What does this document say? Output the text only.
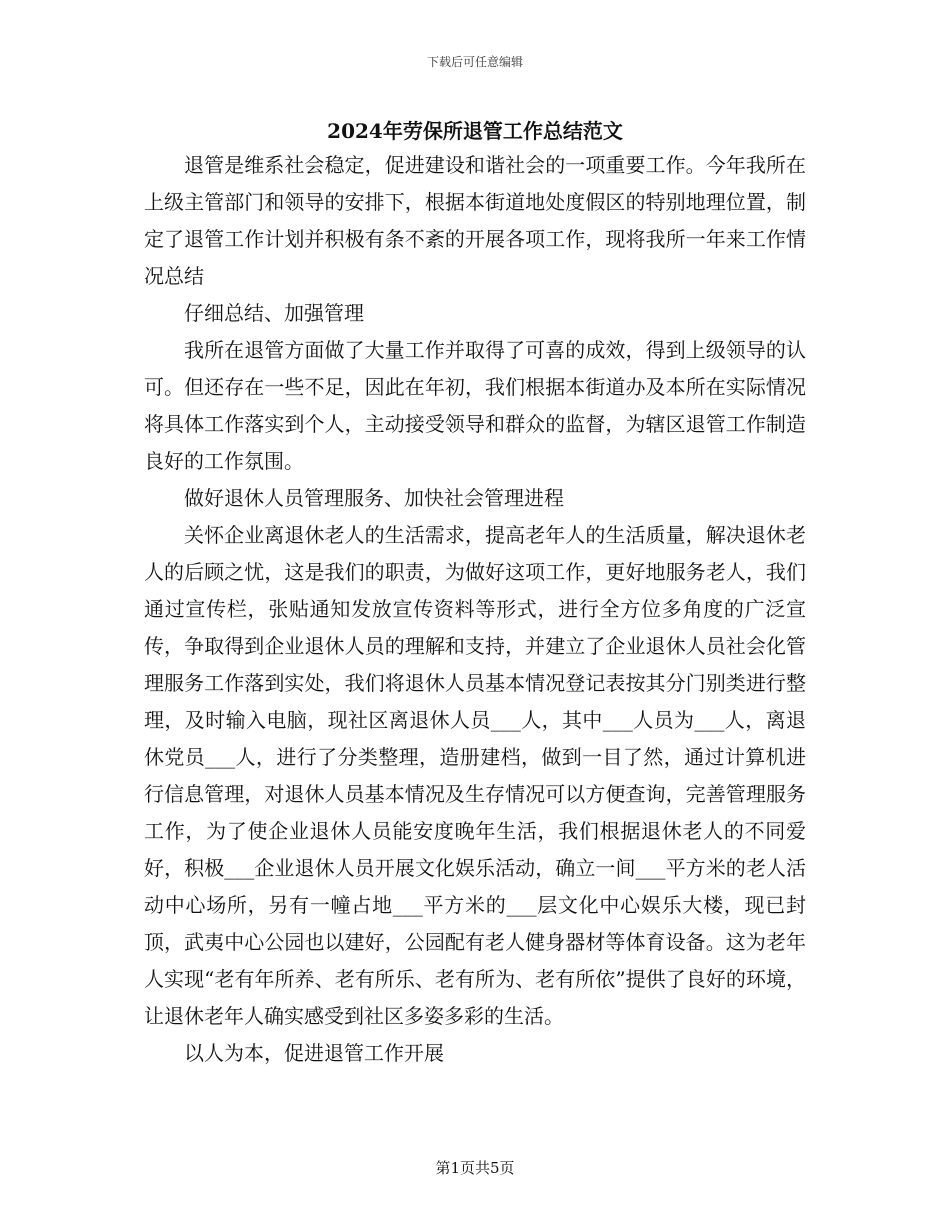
下载后可任意编辑
2024年劳保所退管工作总结范文

退管是维系社会稳定，促进建设和谐社会的一项重要工作。今年我所在上级主管部门和领导的安排下，根据本街道地处度假区的特别地理位置，制定了退管工作计划并积极有条不紊的开展各项工作，现将我所一年来工作情况总结

仔细总结、加强管理

我所在退管方面做了大量工作并取得了可喜的成效，得到上级领导的认可。但还存在一些不足，因此在年初，我们根据本街道办及本所在实际情况将具体工作落实到个人，主动接受领导和群众的监督，为辖区退管工作制造良好的工作氛围。

做好退休人员管理服务、加快社会管理进程

关怀企业离退休老人的生活需求，提高老年人的生活质量，解决退休老人的后顾之忧，这是我们的职责，为做好这项工作，更好地服务老人，我们通过宣传栏，张贴通知发放宣传资料等形式，进行全方位多角度的广泛宣传，争取得到企业退休人员的理解和支持，并建立了企业退休人员社会化管理服务工作落到实处，我们将退休人员基本情况登记表按其分门别类进行整理，及时输入电脑，现社区离退休人员___人，其中___人员为___人，离退休党员___人，进行了分类整理，造册建档，做到一目了然，通过计算机进行信息管理，对退休人员基本情况及生存情况可以方便查询，完善管理服务工作，为了使企业退休人员能安度晚年生活，我们根据退休老人的不同爱好，积极___企业退休人员开展文化娱乐活动，确立一间___平方米的老人活动中心场所，另有一幢占地___平方米的___层文化中心娱乐大楼，现已封顶，武夷中心公园也以建好，公园配有老人健身器材等体育设备。这为老年人实现“老有年所养、老有所乐、老有所为、老有所依”提供了良好的环境，让退休老年人确实感受到社区多姿多彩的生活。

以人为本，促进退管工作开展

第1页共5页
